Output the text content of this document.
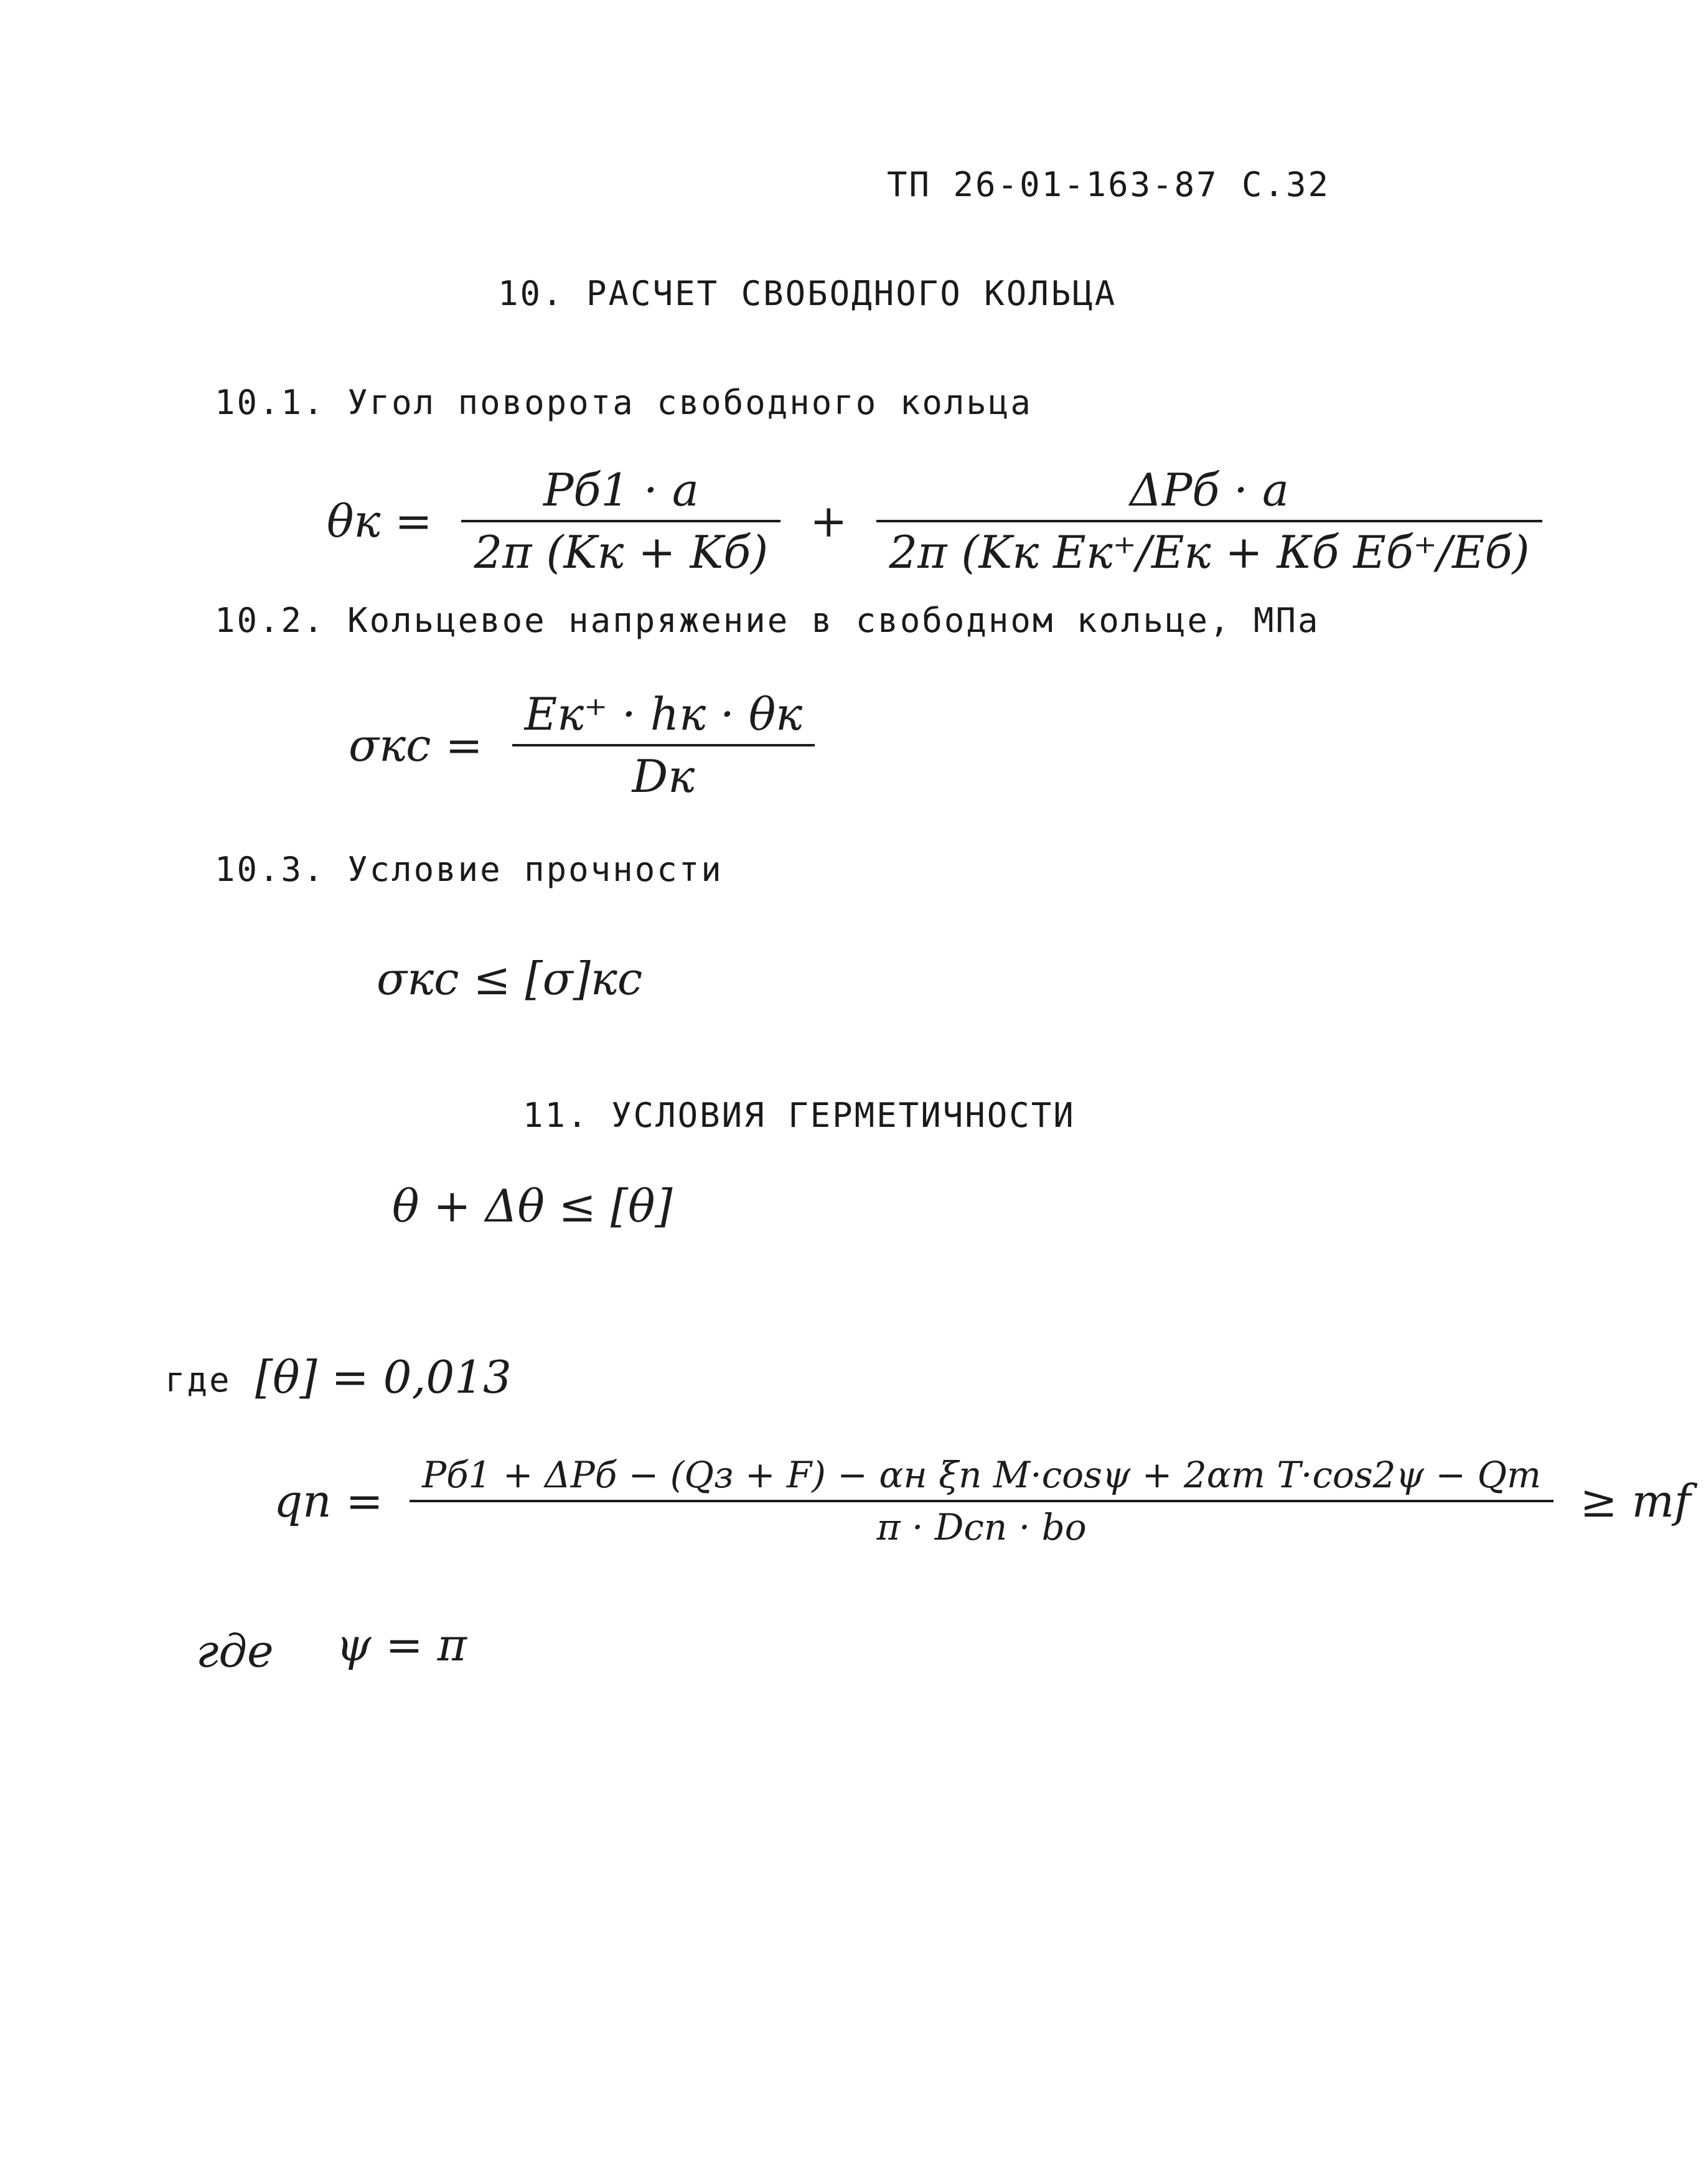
ТП 26-01-163-87 С.32
10. РАСЧЕТ СВОБОДНОГО КОЛЬЦА
10.1. Угол поворота свободного кольца
$\theta к = \frac{Pб1 \cdot a}{2\pi (Kк + Kб)} + \frac{\text{ΔPб · a}}{\text{2π (Kк Ек⁺/Ек + Кб Еб⁺/Еб)}}$
10.2. Кольцевое напряжение в свободном кольце, МПа
$\sigma кс = \frac{Ек^+ \cdot hк \cdot \theta к}{Dк}$
10.3. Условие прочности
σкс ≤ [σ]кс
11. УСЛОВИЯ ГЕРМЕТИЧНОСТИ
θ + Δθ ≤ [θ]
где [θ] = 0,013
qп = $\frac{\text{Pб1 + ΔPб − (Qз + F) − αн ξп M·cosψ + 2αт T·cos2ψ − Qт}}{\text{π · Dсп · bо}}$ ≥ mf
где ψ = π
